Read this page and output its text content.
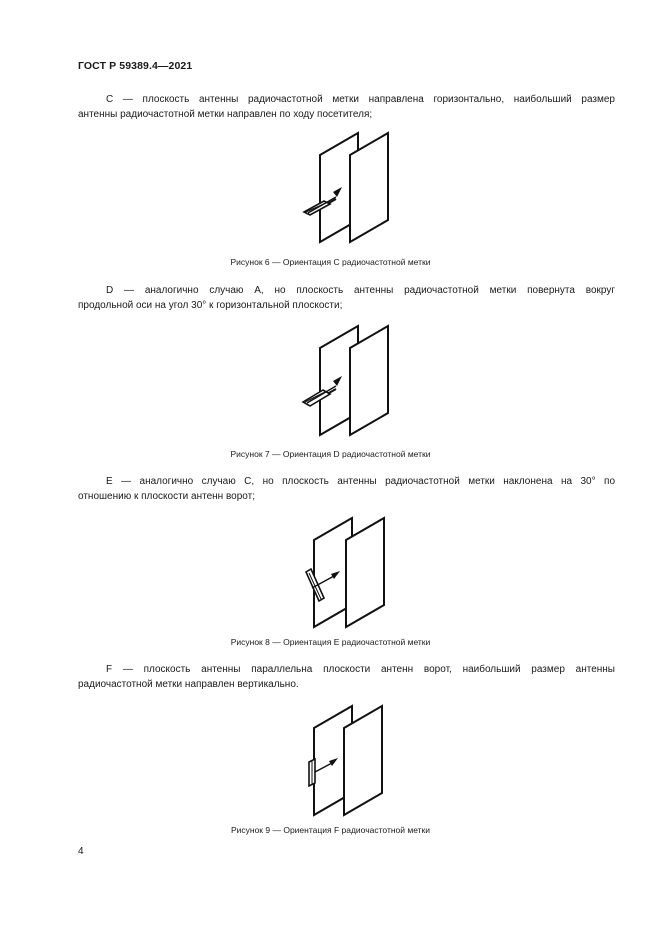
ГОСТ Р 59389.4—2021
С — плоскость антенны радиочастотной метки направлена горизонтально, наибольший размер
антенны радиочастотной метки направлен по ходу посетителя;
Рисунок 6 — Ориентация С радиочастотной метки
D — аналогично случаю A, но плоскость антенны радиочастотной метки повернута вокруг
продольной оси на угол 30° к горизонтальной плоскости;
Рисунок 7 — Ориентация D радиочастотной метки
Е — аналогично случаю С, но плоскость антенны радиочастотной метки наклонена на 30° по
отношению к плоскости антенн ворот;
Рисунок 8 — Ориентация Е радиочастотной метки
F — плоскость антенны параллельна плоскости антенн ворот, наибольший размер антенны
радиочастотной метки направлен вертикально.
Рисунок 9 — Ориентация F радиочастотной метки
4
